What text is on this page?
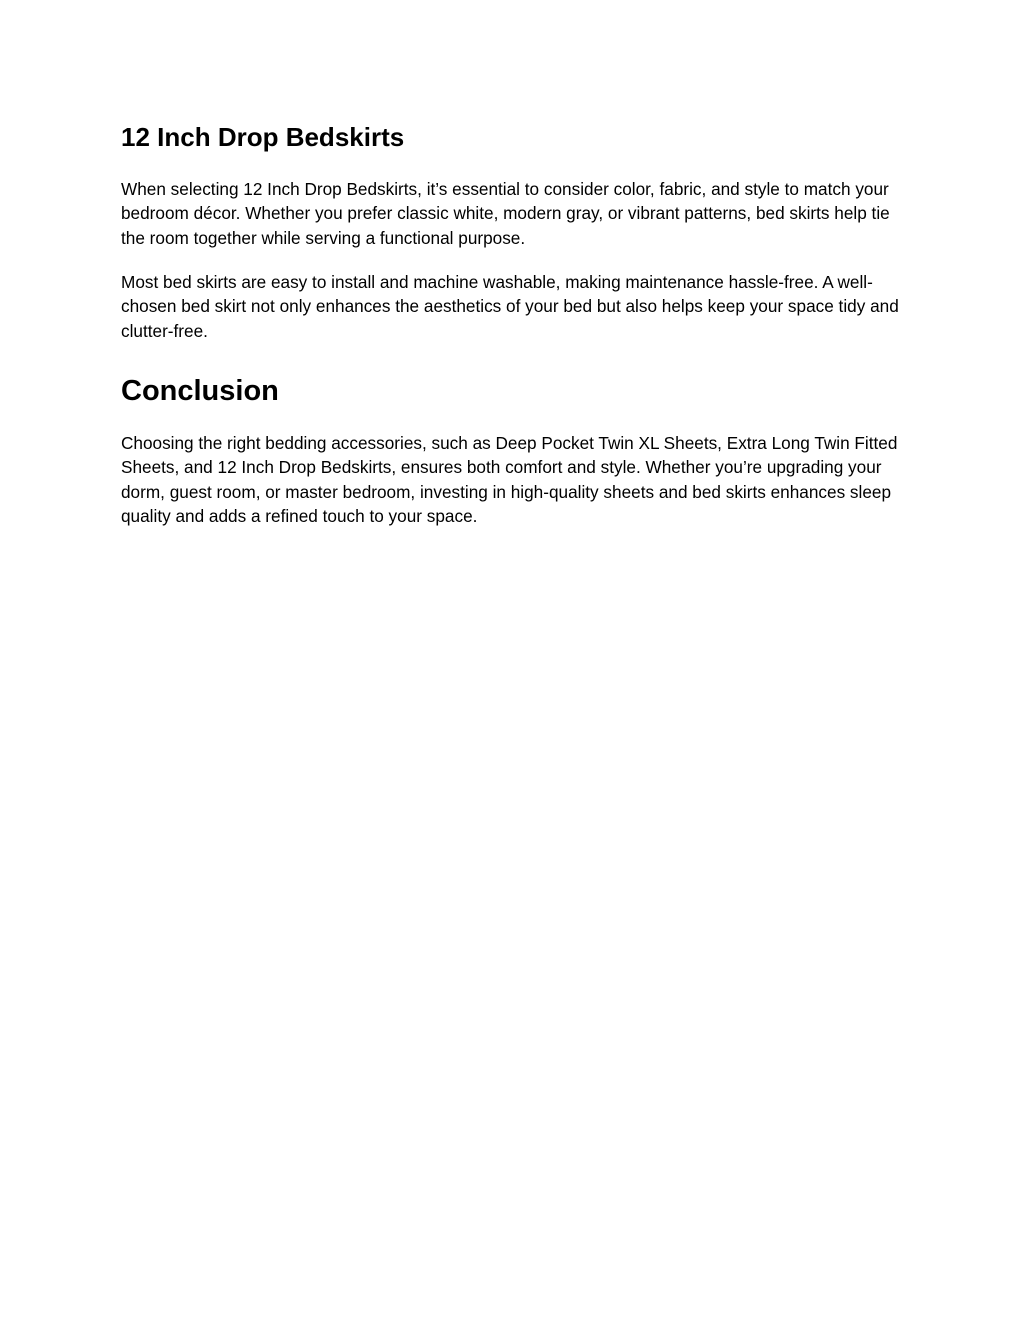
12 Inch Drop Bedskirts

When selecting 12 Inch Drop Bedskirts, it’s essential to consider color, fabric, and style to match your bedroom décor. Whether you prefer classic white, modern gray, or vibrant patterns, bed skirts help tie the room together while serving a functional purpose.

Most bed skirts are easy to install and machine washable, making maintenance hassle-free. A well-chosen bed skirt not only enhances the aesthetics of your bed but also helps keep your space tidy and clutter-free.

Conclusion

Choosing the right bedding accessories, such as Deep Pocket Twin XL Sheets, Extra Long Twin Fitted Sheets, and 12 Inch Drop Bedskirts, ensures both comfort and style. Whether you’re upgrading your dorm, guest room, or master bedroom, investing in high-quality sheets and bed skirts enhances sleep quality and adds a refined touch to your space.
